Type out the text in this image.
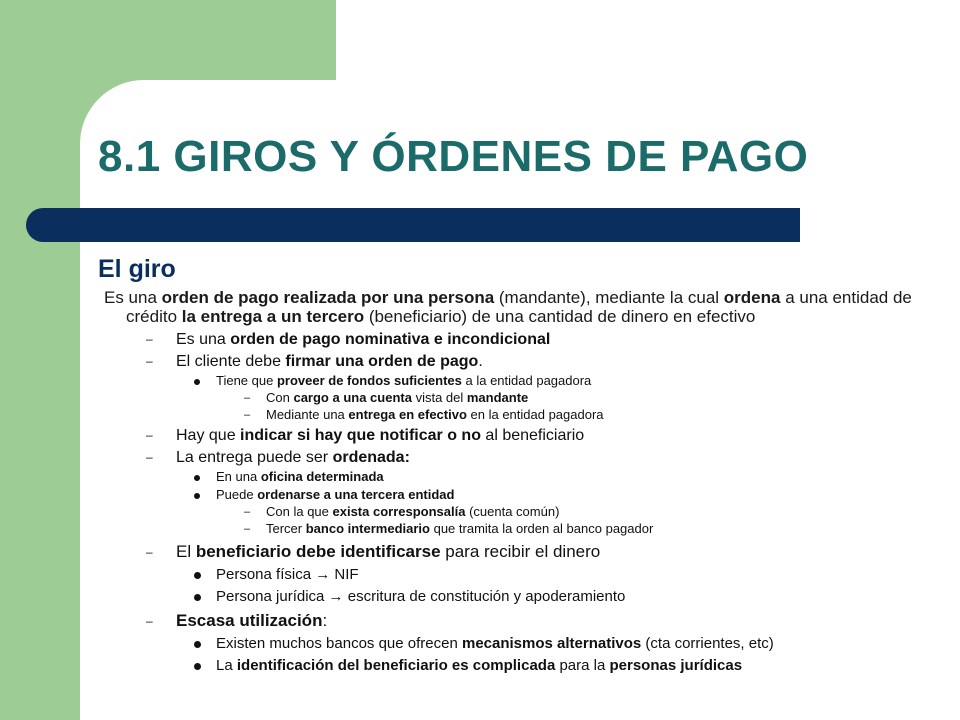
8.1 GIROS Y ÓRDENES DE PAGO
El giro

Es una orden de pago realizada por una persona (mandante), mediante la cual ordena a una entidad de crédito la entrega a un tercero (beneficiario) de una cantidad de dinero en efectivo

– Es una orden de pago nominativa e incondicional
– El cliente debe firmar una orden de pago.
Tiene que proveer de fondos suficientes a la entidad pagadora
– Con cargo a una cuenta vista del mandante
– Mediante una entrega en efectivo en la entidad pagadora
– Hay que indicar si hay que notificar o no al beneficiario
– La entrega puede ser ordenada:
En una oficina determinada
Puede ordenarse a una tercera entidad
– Con la que exista corresponsalía (cuenta común)
– Tercer banco intermediario que tramita la orden al banco pagador
– El beneficiario debe identificarse para recibir el dinero
Persona física → NIF
Persona jurídica → escritura de constitución y apoderamiento
– Escasa utilización:
Existen muchos bancos que ofrecen mecanismos alternativos (cta corrientes, etc)
La identificación del beneficiario es complicada para la personas jurídicas
